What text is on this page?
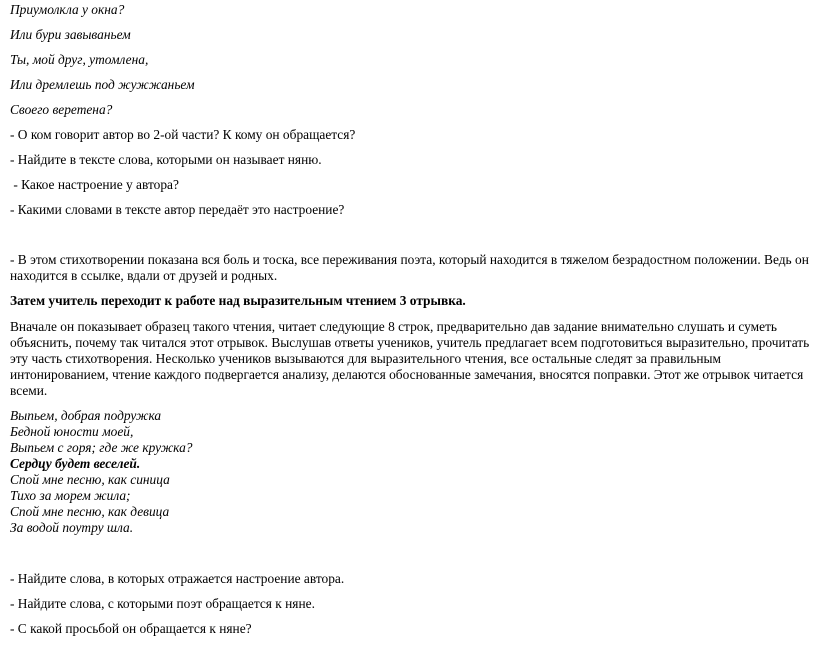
Приумолкла у окна?
Или бури завываньем
Ты, мой друг, утомлена,
Или дремлешь под жужжаньем
Своего веретена?
- О ком говорит автор во 2-ой части? К кому он обращается?
- Найдите в тексте слова, которыми он называет няню.
- Какое настроение у автора?
- Какими словами в тексте автор передаёт это настроение?
- В этом стихотворении показана вся боль и тоска, все переживания поэта, который находится в тяжелом безрадостном положении. Ведь он
находится в ссылке, вдали от друзей и родных.
Затем учитель переходит к работе над выразительным чтением 3 отрывка.
Вначале он показывает образец такого чтения, читает следующие 8 строк, предварительно дав задание внимательно слушать и суметь
объяснить, почему так читался этот отрывок. Выслушав ответы учеников, учитель предлагает всем подготовиться выразительно, прочитать
эту часть стихотворения. Несколько учеников вызываются для выразительного чтения, все остальные следят за правильным
интонированием, чтение каждого подвергается анализу, делаются обоснованные замечания, вносятся поправки. Этот же отрывок читается
всеми.
Выпьем, добрая подружка
Бедной юности моей,
Выпьем с горя; где же кружка?
Сердцу будет веселей.
Спой мне песню, как синица
Тихо за морем жила;
Спой мне песню, как девица
За водой поутру шла.
- Найдите слова, в которых отражается настроение автора.
- Найдите слова, с которыми поэт обращается к няне.
- С какой просьбой он обращается к няне?
